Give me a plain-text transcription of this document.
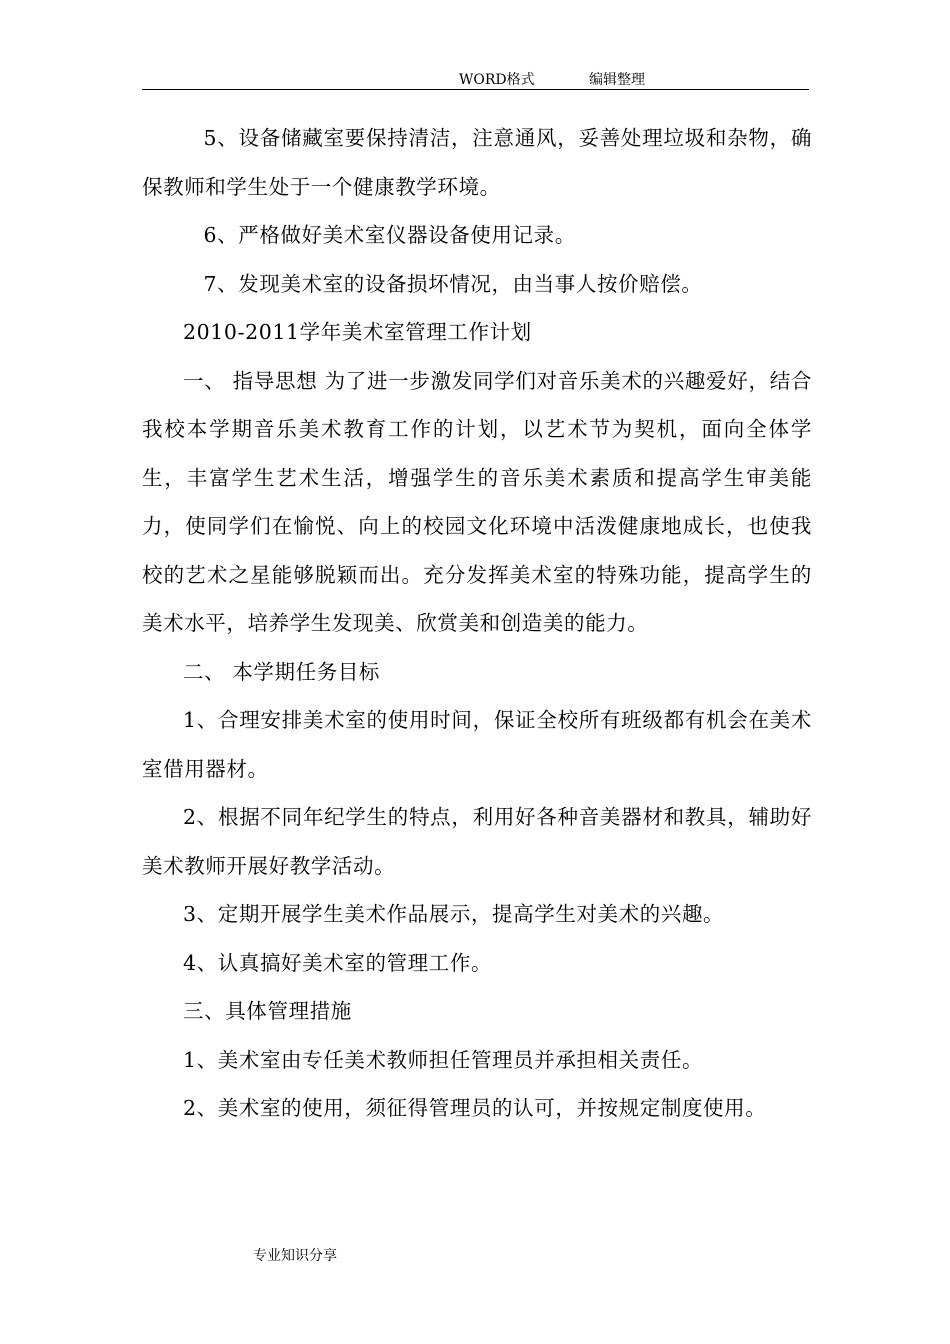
WORD格式	编辑整理

5、设备储藏室要保持清洁，注意通风，妥善处理垃圾和杂物，确保教师和学生处于一个健康教学环境。

6、严格做好美术室仪器设备使用记录。

7、发现美术室的设备损坏情况，由当事人按价赔偿。

2010-2011学年美术室管理工作计划

一、 指导思想 为了进一步激发同学们对音乐美术的兴趣爱好，结合我校本学期音乐美术教育工作的计划，以艺术节为契机，面向全体学生，丰富学生艺术生活，增强学生的音乐美术素质和提高学生审美能力，使同学们在愉悦、向上的校园文化环境中活泼健康地成长，也使我校的艺术之星能够脱颖而出。充分发挥美术室的特殊功能，提高学生的美术水平，培养学生发现美、欣赏美和创造美的能力。

二、 本学期任务目标

1、合理安排美术室的使用时间，保证全校所有班级都有机会在美术室借用器材。

2、根据不同年纪学生的特点，利用好各种音美器材和教具，辅助好美术教师开展好教学活动。

3、定期开展学生美术作品展示，提高学生对美术的兴趣。

4、认真搞好美术室的管理工作。

三、具体管理措施

1、美术室由专任美术教师担任管理员并承担相关责任。

2、美术室的使用，须征得管理员的认可，并按规定制度使用。

专业知识分享
